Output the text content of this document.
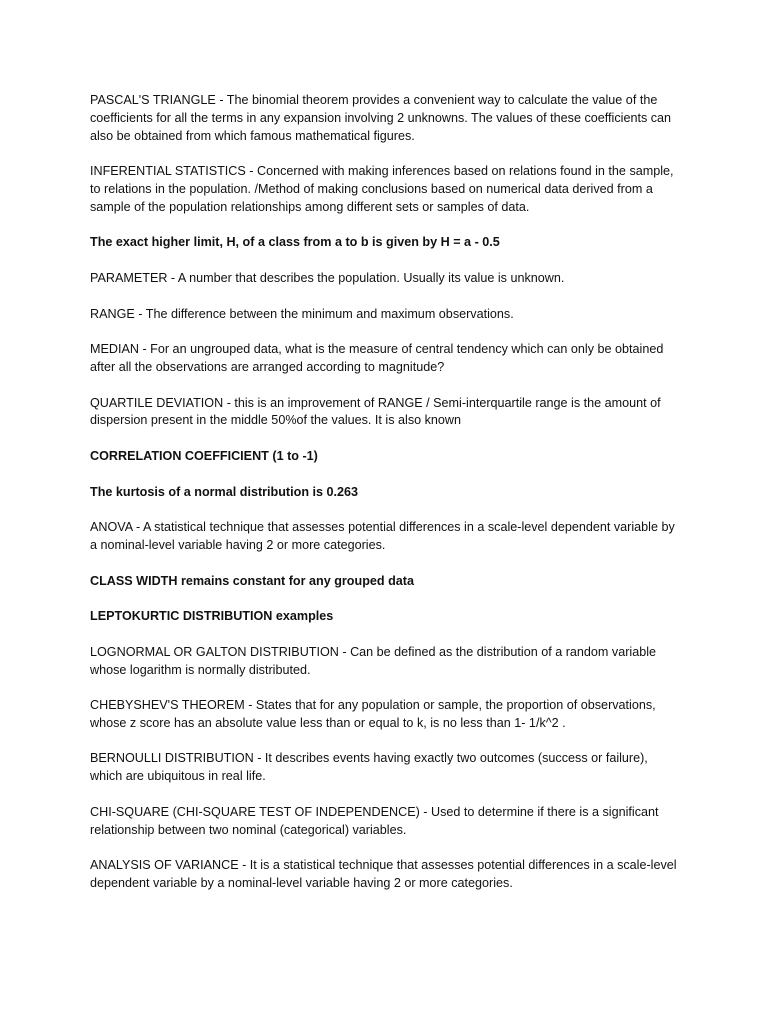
PASCAL'S TRIANGLE - The binomial theorem provides a convenient way to calculate the value of the coefficients for all the terms in any expansion involving 2 unknowns. The values of these coefficients can also be obtained from which famous mathematical figures.

INFERENTIAL STATISTICS - Concerned with making inferences based on relations found in the sample, to relations in the population. /Method of making conclusions based on numerical data derived from a sample of the population relationships among different sets or samples of data.

The exact higher limit, H, of a class from a to b is given by H = a - 0.5

PARAMETER - A number that describes the population. Usually its value is unknown.

RANGE - The difference between the minimum and maximum observations.

MEDIAN - For an ungrouped data, what is the measure of central tendency which can only be obtained after all the observations are arranged according to magnitude?

QUARTILE DEVIATION - this is an improvement of RANGE / Semi-interquartile range is the amount of dispersion present in the middle 50%of the values. It is also known

CORRELATION COEFFICIENT (1 to -1)

The kurtosis of a normal distribution is 0.263

ANOVA - A statistical technique that assesses potential differences in a scale-level dependent variable by a nominal-level variable having 2 or more categories.

CLASS WIDTH remains constant for any grouped data

LEPTOKURTIC DISTRIBUTION examples

LOGNORMAL OR GALTON DISTRIBUTION - Can be defined as the distribution of a random variable whose logarithm is normally distributed.

CHEBYSHEV'S THEOREM - States that for any population or sample, the proportion of observations, whose z score has an absolute value less than or equal to k, is no less than 1- 1/k^2 .

BERNOULLI DISTRIBUTION - It describes events having exactly two outcomes (success or failure), which are ubiquitous in real life.

CHI-SQUARE (CHI-SQUARE TEST OF INDEPENDENCE) - Used to determine if there is a significant relationship between two nominal (categorical) variables.

ANALYSIS OF VARIANCE - It is a statistical technique that assesses potential differences in a scale-level dependent variable by a nominal-level variable having 2 or more categories.
